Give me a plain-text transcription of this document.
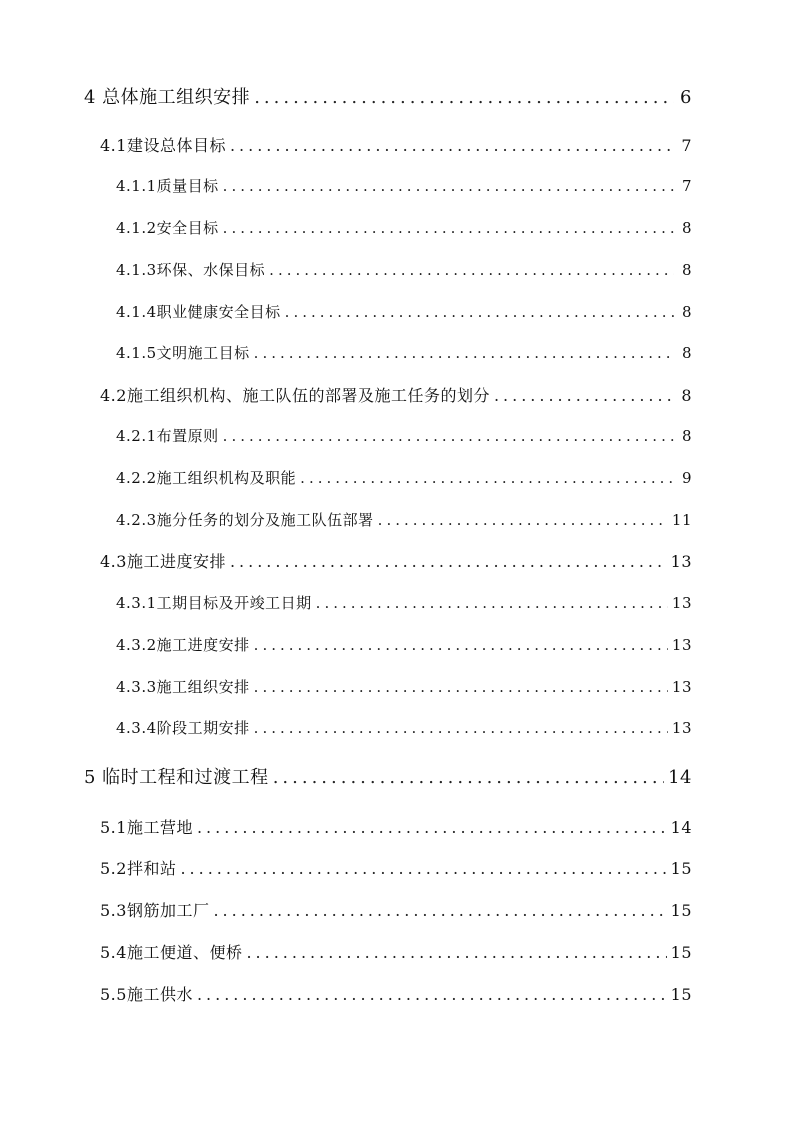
4 总体施工组织安排 .....	6
4.1建设总体目标 .....	7
4.1.1质量目标 .....	7
4.1.2安全目标 .....	8
4.1.3环保、水保目标 .....	8
4.1.4职业健康安全目标 .....	8
4.1.5文明施工目标 .....	8
4.2施工组织机构、施工队伍的部署及施工任务的划分 .....	8
4.2.1布置原则 .....	8
4.2.2施工组织机构及职能 .....	9
4.2.3施分任务的划分及施工队伍部署 .....	11
4.3施工进度安排 .....	13
4.3.1工期目标及开竣工日期 .....	13
4.3.2施工进度安排 .....	13
4.3.3施工组织安排 .....	13
4.3.4阶段工期安排 .....	13
5 临时工程和过渡工程 .....	14
5.1施工营地 .....	14
5.2拌和站 .....	15
5.3钢筋加工厂 .....	15
5.4施工便道、便桥 .....	15
5.5施工供水 .....	15
